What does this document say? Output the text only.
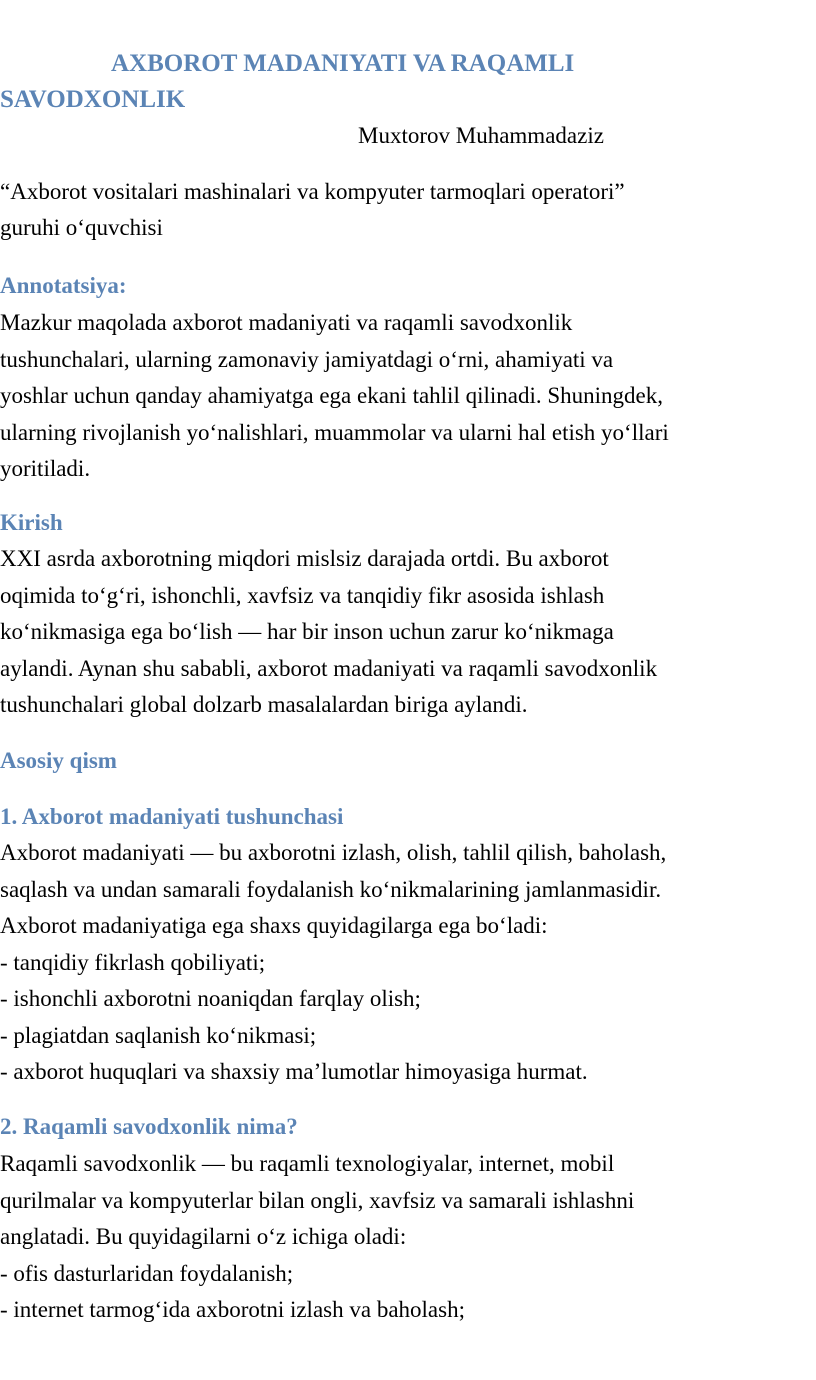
AXBOROT MADANIYATI VA RAQAMLI
SAVODXONLIK
Muxtorov Muhammadaziz
“Axborot vositalari mashinalari va kompyuter tarmoqlari operatori”
guruhi o‘quvchisi
Annotatsiya:
Mazkur maqolada axborot madaniyati va raqamli savodxonlik
tushunchalari, ularning zamonaviy jamiyatdagi o‘rni, ahamiyati va
yoshlar uchun qanday ahamiyatga ega ekani tahlil qilinadi. Shuningdek,
ularning rivojlanish yo‘nalishlari, muammolar va ularni hal etish yo‘llari
yoritiladi.
Kirish
XXI asrda axborotning miqdori mislsiz darajada ortdi. Bu axborot
oqimida to‘g‘ri, ishonchli, xavfsiz va tanqidiy fikr asosida ishlash
ko‘nikmasiga ega bo‘lish — har bir inson uchun zarur ko‘nikmaga
aylandi. Aynan shu sababli, axborot madaniyati va raqamli savodxonlik
tushunchalari global dolzarb masalalardan biriga aylandi.
Asosiy qism
1. Axborot madaniyati tushunchasi
Axborot madaniyati — bu axborotni izlash, olish, tahlil qilish, baholash,
saqlash va undan samarali foydalanish ko‘nikmalarining jamlanmasidir.
Axborot madaniyatiga ega shaxs quyidagilarga ega bo‘ladi:
- tanqidiy fikrlash qobiliyati;
- ishonchli axborotni noaniqdan farqlay olish;
- plagiatdan saqlanish ko‘nikmasi;
- axborot huquqlari va shaxsiy ma’lumotlar himoyasiga hurmat.
2. Raqamli savodxonlik nima?
Raqamli savodxonlik — bu raqamli texnologiyalar, internet, mobil
qurilmalar va kompyuterlar bilan ongli, xavfsiz va samarali ishlashni
anglatadi. Bu quyidagilarni o‘z ichiga oladi:
- ofis dasturlaridan foydalanish;
- internet tarmog‘ida axborotni izlash va baholash;
